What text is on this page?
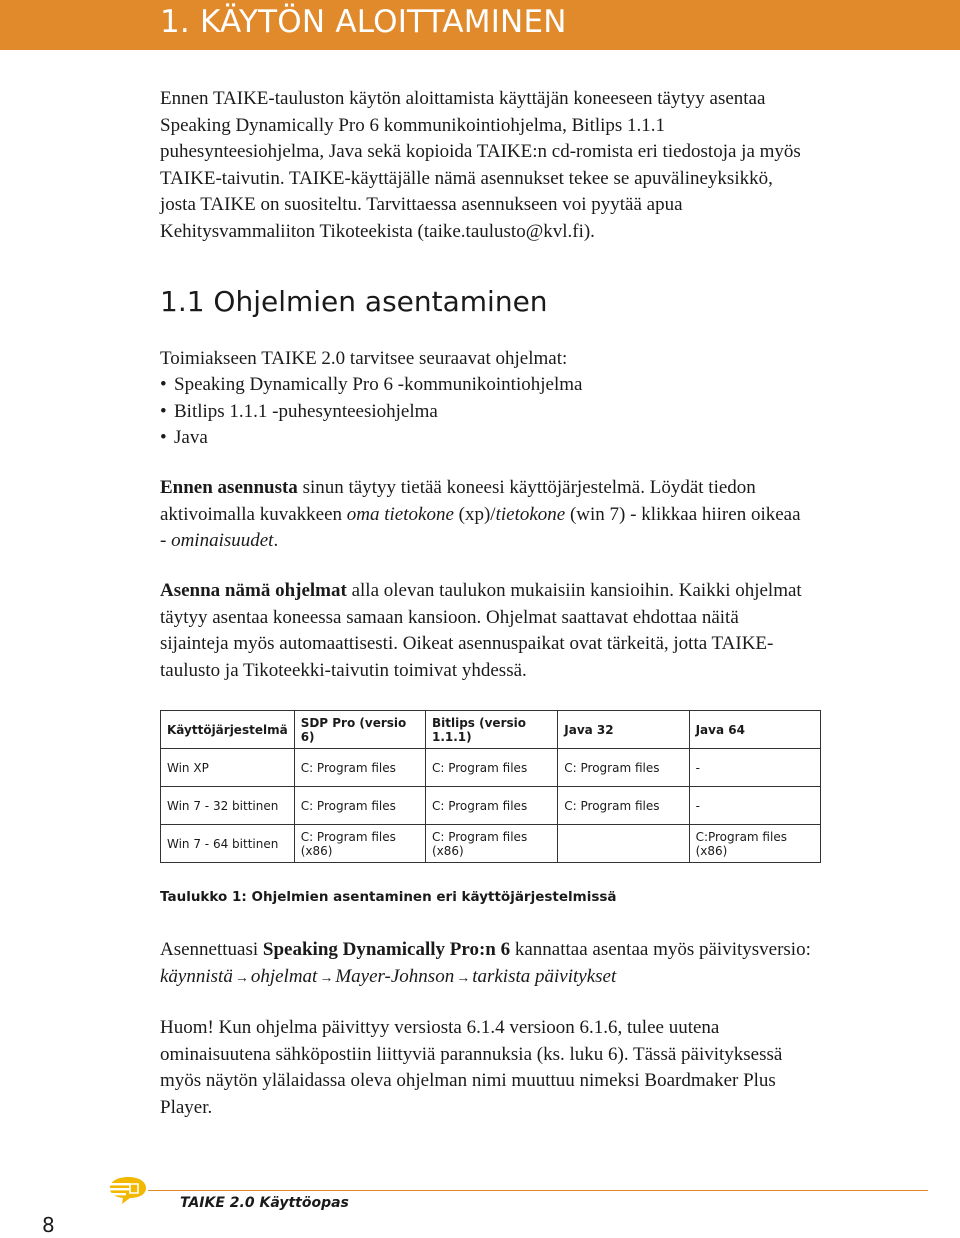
1. KÄYTÖN ALOITTAMINEN

Ennen TAIKE-tauluston käytön aloittamista käyttäjän koneeseen täytyy asentaa Speaking Dynamically Pro 6 kommunikointiohjelma, Bitlips 1.1.1 puhesynteesiohjelma, Java sekä kopioida TAIKE:n cd-romista eri tiedostoja ja myös TAIKE-taivutin. TAIKE-käyttäjälle nämä asennukset tekee se apuvälineyksikkö, josta TAIKE on suositeltu. Tarvittaessa asennukseen voi pyytää apua Kehitysvammaliiton Tikoteekista (taike.taulusto@kvl.fi).

1.1 Ohjelmien asentaminen

Toimiakseen TAIKE 2.0 tarvitsee seuraavat ohjelmat:

• Speaking Dynamically Pro 6 -kommunikointiohjelma
• Bitlips 1.1.1 -puhesynteesiohjelma
• Java

Ennen asennusta sinun täytyy tietää koneesi käyttöjärjestelmä. Löydät tiedon aktivoimalla kuvakkeen oma tietokone (xp)/tietokone (win 7) - klikkaa hiiren oikeaa - ominaisuudet.

Asenna nämä ohjelmat alla olevan taulukon mukaisiin kansioihin. Kaikki ohjelmat täytyy asentaa koneessa samaan kansioon. Ohjelmat saattavat ehdottaa näitä sijainteja myös automaattisesti. Oikeat asennuspaikat ovat tärkeitä, jotta TAIKE-taulusto ja Tikoteekki-taivutin toimivat yhdessä.

Käyttöjärjestelmä	SDP Pro (versio 6)	Bitlips (versio 1.1.1)	Java 32	Java 64
Win XP	C: Program files	C: Program files	C: Program files	-
Win 7 - 32 bittinen	C: Program files	C: Program files	C: Program files	-
Win 7 - 64 bittinen	C: Program files (x86)	C: Program files (x86)		C:Program files (x86)
Taulukko 1: Ohjelmien asentaminen eri käyttöjärjestelmissä

Asennettuasi Speaking Dynamically Pro:n 6 kannattaa asentaa myös päivitysversio: käynnistä → ohjelmat → Mayer-Johnson → tarkista päivitykset

Huom! Kun ohjelma päivittyy versiosta 6.1.4 versioon 6.1.6, tulee uutena ominaisuutena sähköpostiin liittyviä parannuksia (ks. luku 6). Tässä päivityksessä myös näytön ylälaidassa oleva ohjelman nimi muuttuu nimeksi Boardmaker Plus Player.

TAIKE 2.0 Käyttöopas
8
